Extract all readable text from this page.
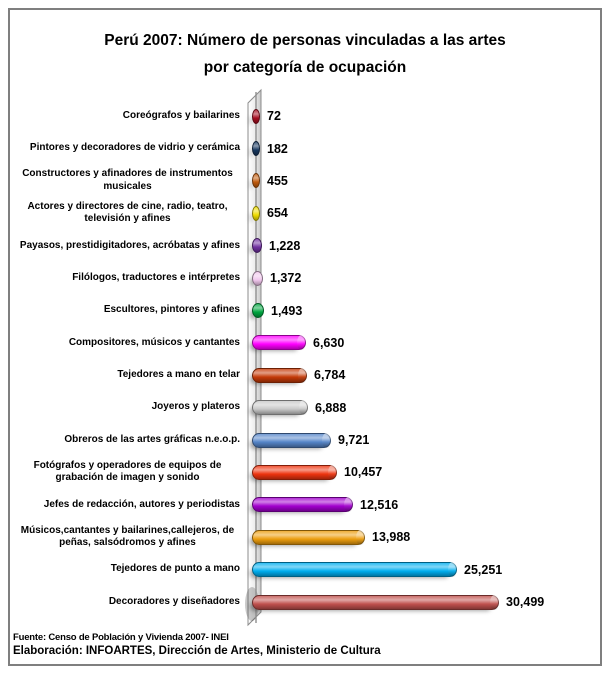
Perú 2007: Número de personas vinculadas a las artes
por categoría de ocupación
Coreógrafos y bailarines 72
Pintores y decoradores de vidrio y cerámica 182
Constructores y afinadores de instrumentos musicales	455
Actores y directores de cine, radio, teatro, televisión y afines	654
Payasos, prestidigitadores, acróbatas y afines 1,228
Filólogos, traductores e intérpretes 1,372
Escultores, pintores y afines 1,493
Compositores, músicos y cantantes	6,630
Tejedores a mano en telar	6,784
Joyeros y plateros	6,888
Obreros de las artes gráficas n.e.o.p.	9,721
Fotógrafos y operadores de equipos de grabación de imagen y sonido	10,457
Jefes de redacción, autores y periodistas	12,516
Músicos,cantantes y bailarines,callejeros, de peñas, salsódromos y afines	13,988
Tejedores de punto a mano	25,251
Decoradores y diseñadores	30,499
Fuente: Censo de Población y Vivienda 2007- INEI
Elaboración: INFOARTES, Dirección de Artes, Ministerio de Cultura
